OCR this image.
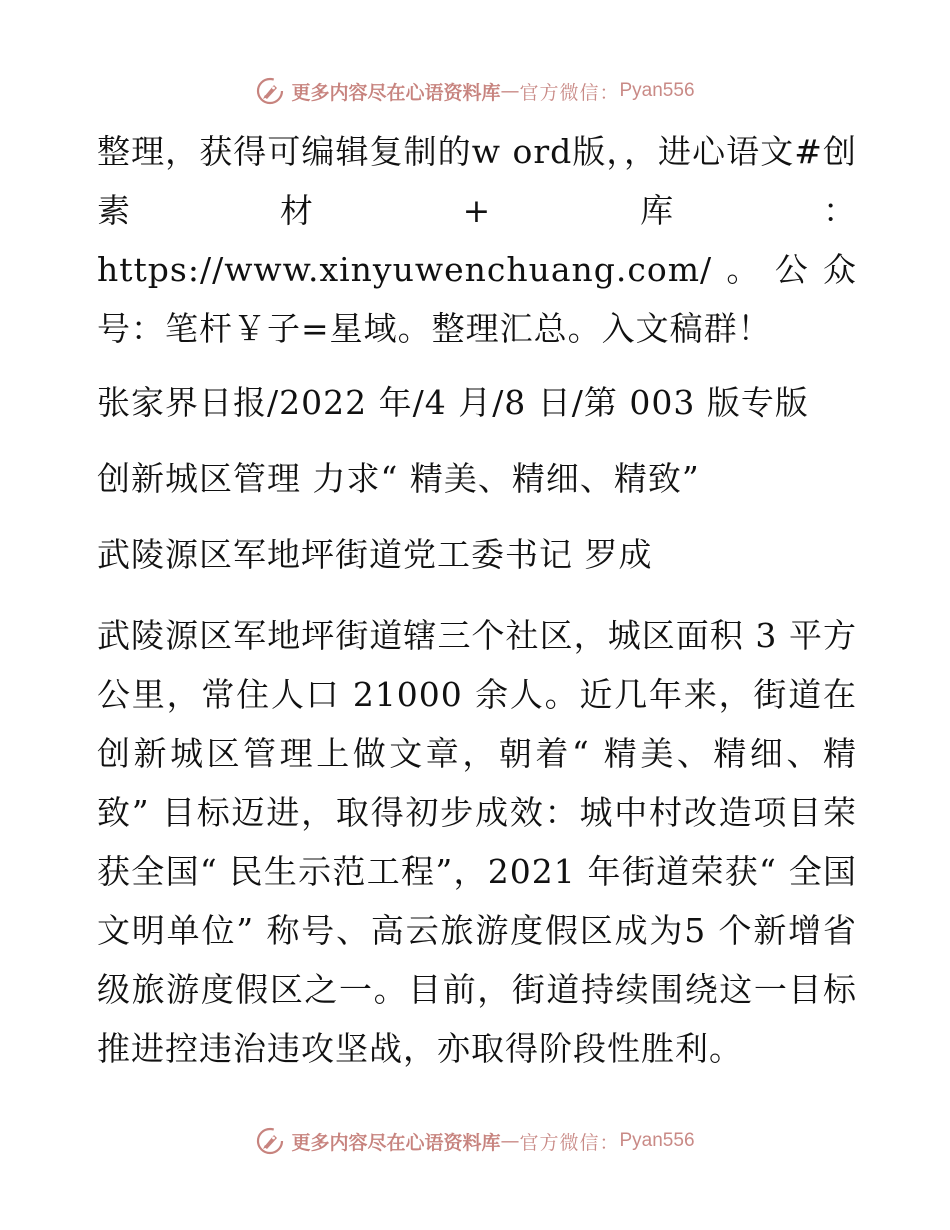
更多内容尽在心语资料库 — 官方微信： Pyan556

整理，获得可编辑复制的w ord版，，进心语文#创素材+库：https://www.xinyuwenchuang.com/。公众号：笔杆￥子=星域。整理汇总。入文稿群！

张家界日报/2022 年/4 月/8 日/第 003 版专版

创新城区管理 力求“ 精美、精细、精致”

武陵源区军地坪街道党工委书记 罗成

武陵源区军地坪街道辖三个社区，城区面积 3 平方公里，常住人口 21000 余人。近几年来，街道在创新城区管理上做文章，朝着“ 精美、精细、精致” 目标迈进，取得初步成效：城中村改造项目荣获全国“ 民生示范工程”，2021 年街道荣获“ 全国文明单位” 称号、高云旅游度假区成为5 个新增省级旅游度假区之一。目前，街道持续围绕这一目标推进控违治违攻坚战，亦取得阶段性胜利。

更多内容尽在心语资料库 — 官方微信： Pyan556
